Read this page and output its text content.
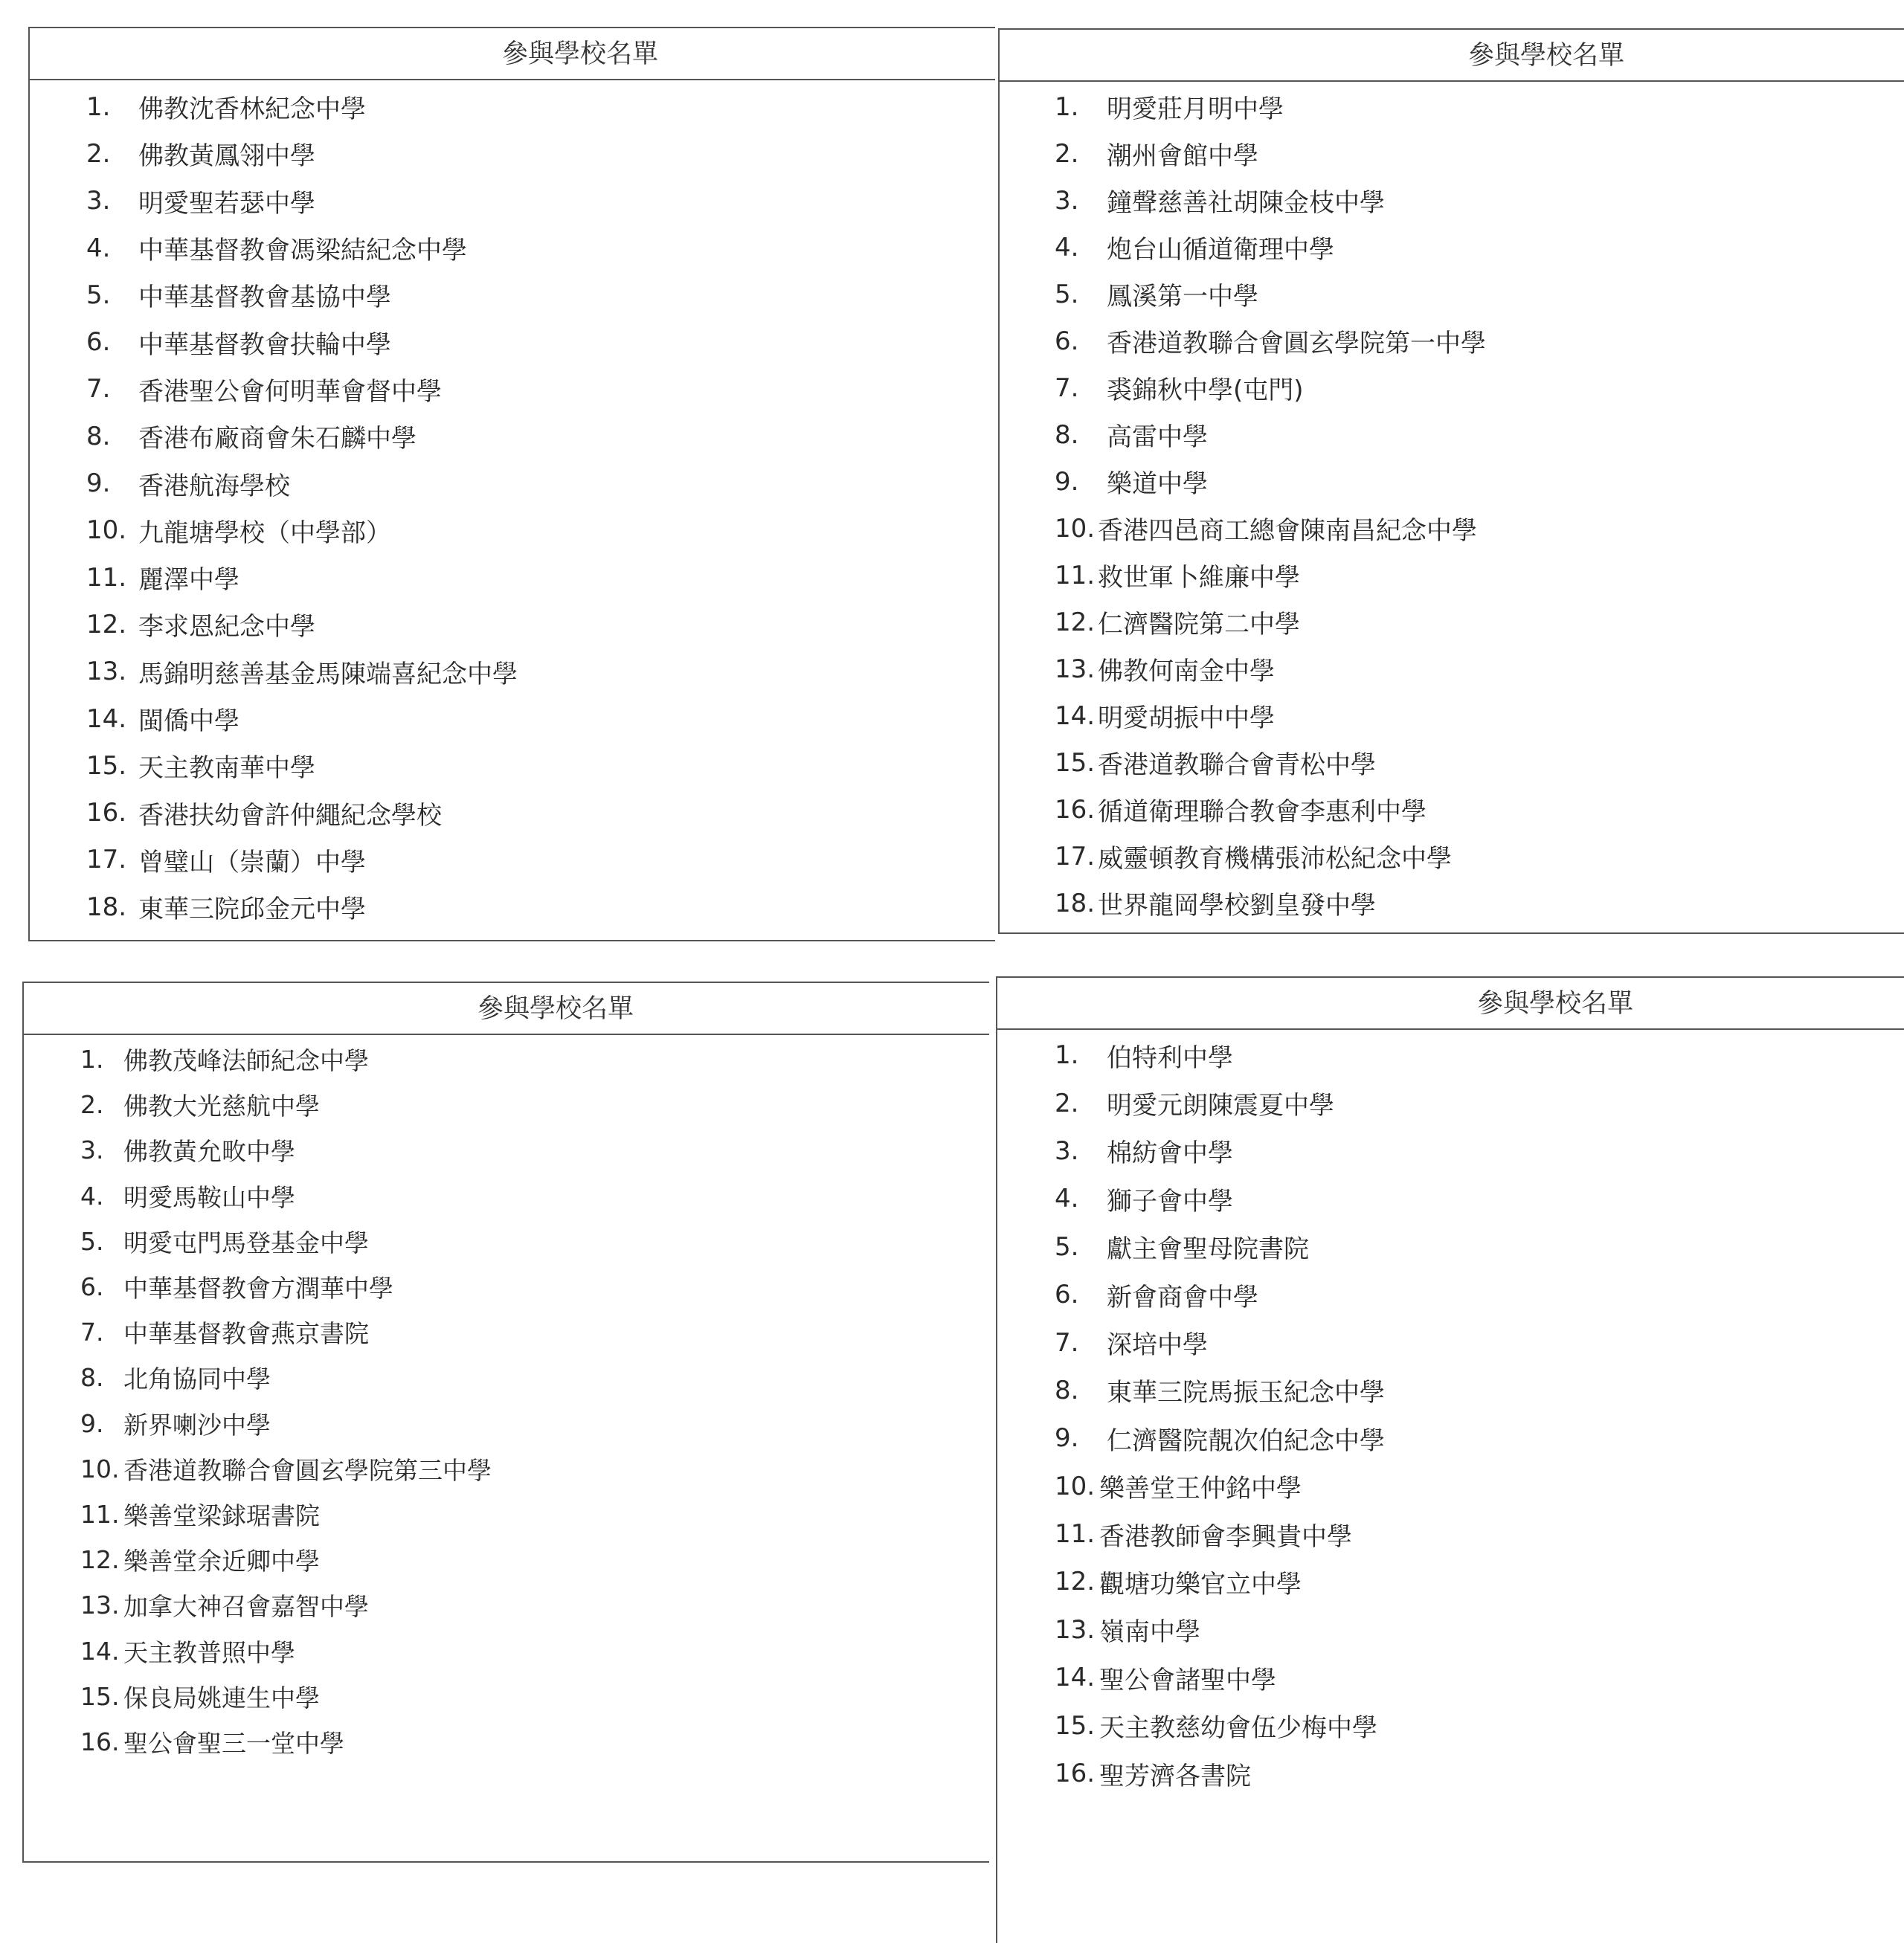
參與學校名單
1.	佛教沈香林紀念中學
2.	佛教黃鳳翎中學
3.	明愛聖若瑟中學
4.	中華基督教會馮梁結紀念中學
5.	中華基督教會基協中學
6.	中華基督教會扶輪中學
7.	香港聖公會何明華會督中學
8.	香港布廠商會朱石麟中學
9.	香港航海學校
10. 九龍塘學校（中學部）
11. 麗澤中學
12. 李求恩紀念中學
13. 馬錦明慈善基金馬陳端喜紀念中學
14. 閩僑中學
15. 天主教南華中學
16. 香港扶幼會許仲繩紀念學校
17. 曾璧山（崇蘭）中學
18. 東華三院邱金元中學
參與學校名單
1.	明愛莊月明中學
2.	潮州會館中學
3.	鐘聲慈善社胡陳金枝中學
4.	炮台山循道衛理中學
5.	鳳溪第一中學
6.	香港道教聯合會圓玄學院第一中學
7.	裘錦秋中學(屯門)
8.	高雷中學
9.	樂道中學
10. 香港四邑商工總會陳南昌紀念中學
11. 救世軍卜維廉中學
12. 仁濟醫院第二中學
13. 佛教何南金中學
14. 明愛胡振中中學
15. 香港道教聯合會青松中學
16. 循道衛理聯合教會李惠利中學
17. 威靈頓教育機構張沛松紀念中學
18. 世界龍岡學校劉皇發中學
參與學校名單
1. 佛教茂峰法師紀念中學
2. 佛教大光慈航中學
3. 佛教黃允畋中學
4. 明愛馬鞍山中學
5. 明愛屯門馬登基金中學
6. 中華基督教會方潤華中學
7. 中華基督教會燕京書院
8. 北角協同中學
9. 新界喇沙中學
10. 香港道教聯合會圓玄學院第三中學
11. 樂善堂梁銶琚書院
12. 樂善堂余近卿中學
13. 加拿大神召會嘉智中學
14. 天主教普照中學
15. 保良局姚連生中學
16. 聖公會聖三一堂中學
參與學校名單
1.	伯特利中學
2.	明愛元朗陳震夏中學
3.	棉紡會中學
4.	獅子會中學
5.	獻主會聖母院書院
6.	新會商會中學
7.	深培中學
8.	東華三院馬振玉紀念中學
9.	仁濟醫院靚次伯紀念中學
10. 樂善堂王仲銘中學
11. 香港教師會李興貴中學
12. 觀塘功樂官立中學
13. 嶺南中學
14. 聖公會諸聖中學
15. 天主教慈幼會伍少梅中學
16. 聖芳濟各書院
